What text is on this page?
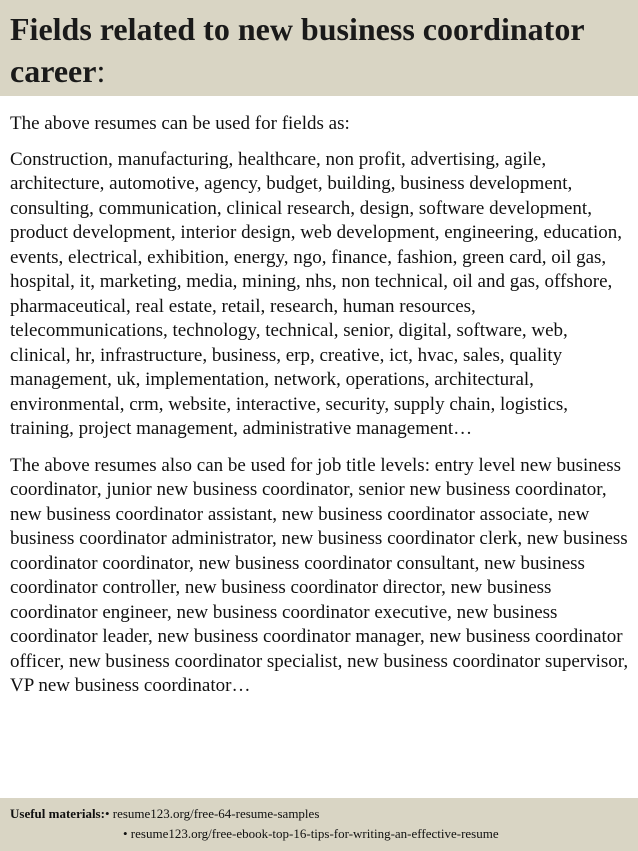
Fields related to new business coordinator career:

The above resumes can be used for fields as:

Construction, manufacturing, healthcare, non profit, advertising, agile, architecture, automotive, agency, budget, building, business development, consulting, communication, clinical research, design, software development, product development, interior design, web development, engineering, education, events, electrical, exhibition, energy, ngo, finance, fashion, green card, oil gas, hospital, it, marketing, media, mining, nhs, non technical, oil and gas, offshore, pharmaceutical, real estate, retail, research, human resources, telecommunications, technology, technical, senior, digital, software, web, clinical, hr, infrastructure, business, erp, creative, ict, hvac, sales, quality management, uk, implementation, network, operations, architectural, environmental, crm, website, interactive, security, supply chain, logistics, training, project management, administrative management…

The above resumes also can be used for job title levels: entry level new business coordinator, junior new business coordinator, senior new business coordinator, new business coordinator assistant, new business coordinator associate, new business coordinator administrator, new business coordinator clerk, new business coordinator coordinator, new business coordinator consultant, new business coordinator controller, new business coordinator director, new business coordinator engineer, new business coordinator executive, new business coordinator leader, new business coordinator manager, new business coordinator officer, new business coordinator specialist, new business coordinator supervisor, VP new business coordinator…

Useful materials: • resume123.org/free-64-resume-samples
• resume123.org/free-ebook-top-16-tips-for-writing-an-effective-resume
